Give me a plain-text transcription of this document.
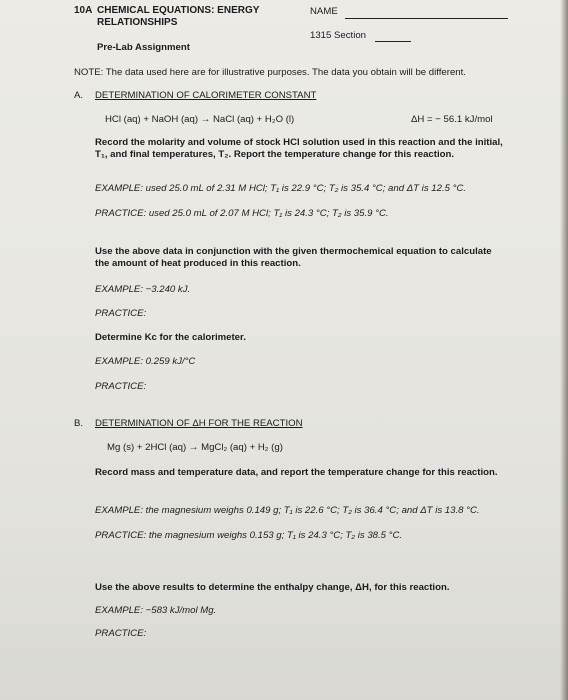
10A CHEMICAL EQUATIONS: ENERGY
RELATIONSHIPS
NAME
1315 Section
Pre-Lab Assignment
NOTE: The data used here are for illustrative purposes. The data you obtain will be different.
A. DETERMINATION OF CALORIMETER CONSTANT
HCl (aq) + NaOH (aq) → NaCl (aq) + H₂O (l)	ΔH = − 56.1 kJ/mol
Record the molarity and volume of stock HCl solution used in this reaction and the initial, T₁, and final temperatures, T₂. Report the temperature change for this reaction.
EXAMPLE: used 25.0 mL of 2.31 M HCl; T₁ is 22.9 °C; T₂ is 35.4 °C; and ΔT is 12.5 °C.
PRACTICE: used 25.0 mL of 2.07 M HCl; T₁ is 24.3 °C; T₂ is 35.9 °C.
Use the above data in conjunction with the given thermochemical equation to calculate the amount of heat produced in this reaction.
EXAMPLE: −3.240 kJ.
PRACTICE:
Determine Kc for the calorimeter.
EXAMPLE: 0.259 kJ/°C
PRACTICE:
B. DETERMINATION OF ΔH FOR THE REACTION
Mg (s) + 2HCl (aq) → MgCl₂ (aq) + H₂ (g)
Record mass and temperature data, and report the temperature change for this reaction.
EXAMPLE: the magnesium weighs 0.149 g; T₁ is 22.6 °C; T₂ is 36.4 °C; and ΔT is 13.8 °C.
PRACTICE: the magnesium weighs 0.153 g; T₁ is 24.3 °C; T₂ is 38.5 °C.
Use the above results to determine the enthalpy change, ΔH, for this reaction.
EXAMPLE: −583 kJ/mol Mg.
PRACTICE:
